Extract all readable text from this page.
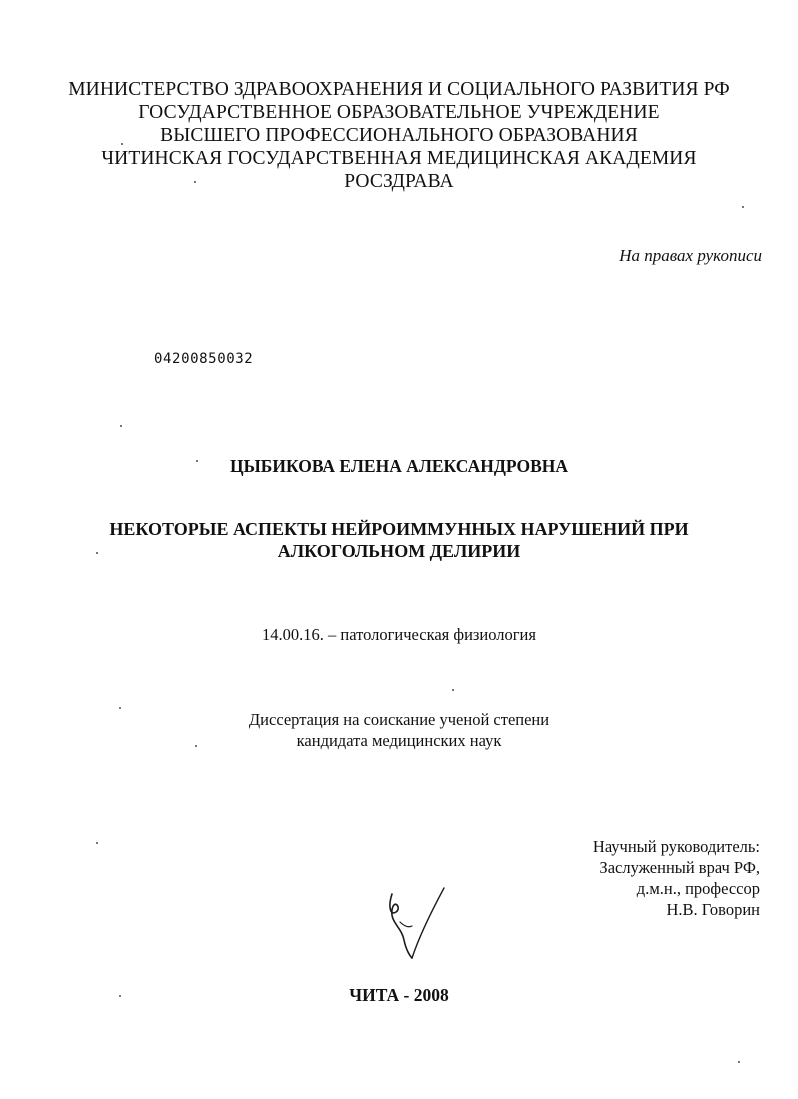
МИНИСТЕРСТВО ЗДРАВООХРАНЕНИЯ И СОЦИАЛЬНОГО РАЗВИТИЯ РФ
ГОСУДАРСТВЕННОЕ ОБРАЗОВАТЕЛЬНОЕ УЧРЕЖДЕНИЕ
ВЫСШЕГО ПРОФЕССИОНАЛЬНОГО ОБРАЗОВАНИЯ
ЧИТИНСКАЯ ГОСУДАРСТВЕННАЯ МЕДИЦИНСКАЯ АКАДЕМИЯ
РОСЗДРАВА
На правах рукописи
04200850032
ЦЫБИКОВА ЕЛЕНА АЛЕКСАНДРОВНА
НЕКОТОРЫЕ АСПЕКТЫ НЕЙРОИММУННЫХ НАРУШЕНИЙ ПРИ
АЛКОГОЛЬНОМ ДЕЛИРИИ
14.00.16. – патологическая физиология
Диссертация на соискание ученой степени
кандидата медицинских наук
Научный руководитель:
Заслуженный врач РФ,
д.м.н., профессор
Н.В. Говорин
ЧИТА - 2008
